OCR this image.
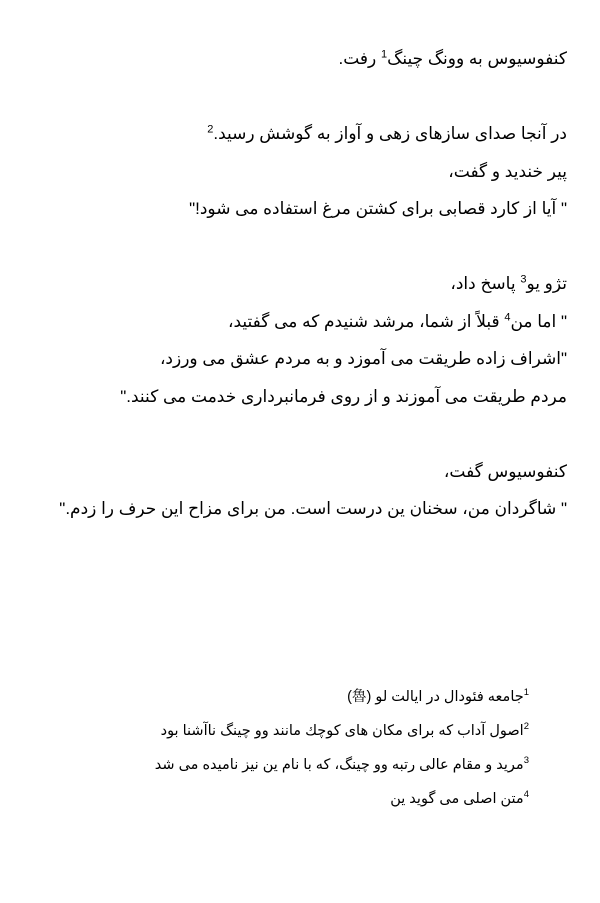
کنفوسیوس به وونگ چینگ$^1$ رفت.
در آنجا صدای سازهای زهی و آواز به گوشش رسید.$^2$
پیر خندید و گفت،
" آیا از کارد قصابی برای کشتن مرغ استفاده می شود!"
تژو یو$^3$ پاسخ داد،
" اما من$^4$ قبلاً از شما، مرشد شنیدم که می گفتید،
"اشراف زاده طریقت می آموزد و به مردم عشق می ورزد،
مردم طریقت می آموزند و از روی فرمانبرداری خدمت می کنند."
کنفوسیوس گفت،
" شاگردان من، سخنان ین درست است. من برای مزاح این حرف را زدم."
$^1$جامعه فئودال در ایالت لو (魯)
$^2$اصول آداب که برای مکان های کوچك مانند وو چینگ ناآشنا بود
$^3$مرید و مقام عالی رتبه وو چینگ، که با نام ین نیز نامیده می شد
$^4$متن اصلی می گوید ین
